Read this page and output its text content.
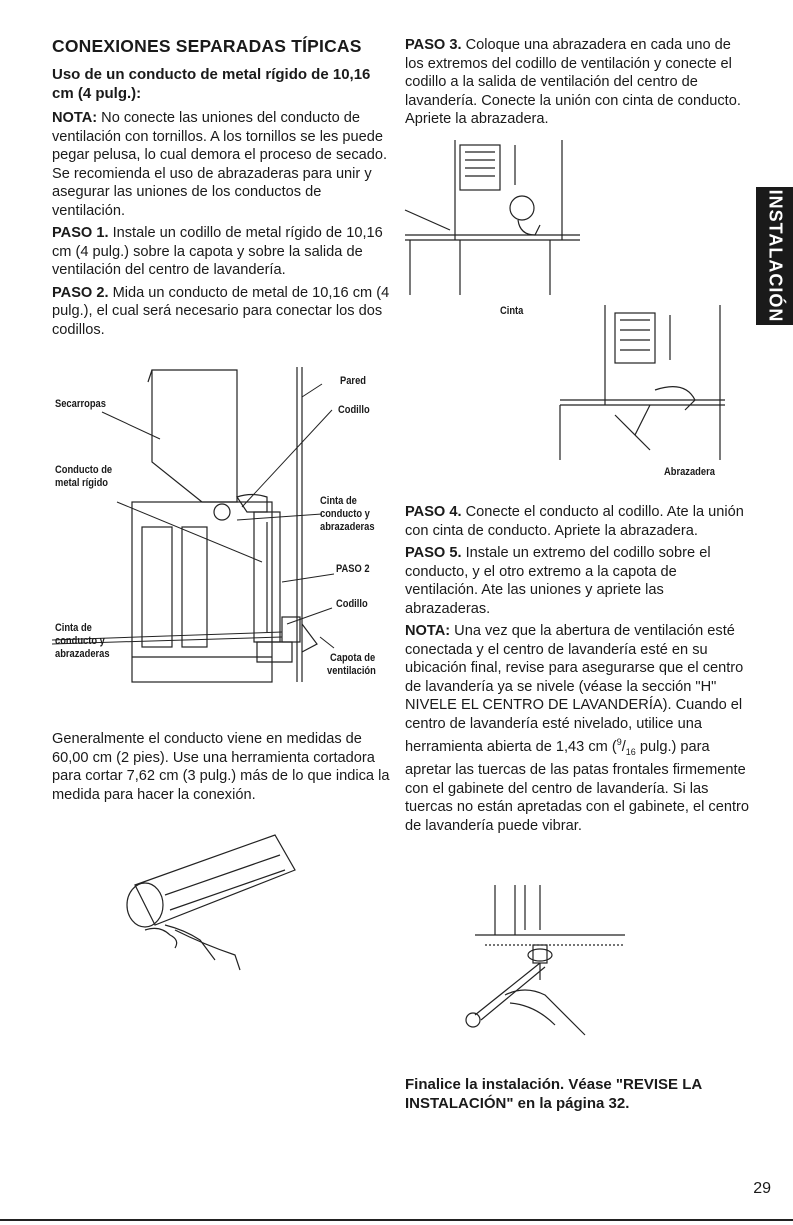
CONEXIONES SEPARADAS TÍPICAS
Uso de un conducto de metal rígido de 10,16 cm (4 pulg.):

NOTA: No conecte las uniones del conducto de ventilación con tornillos. A los tornillos se les puede pegar pelusa, lo cual demora el proceso de secado. Se recomienda el uso de abrazaderas para unir y asegurar las uniones de los conductos de ventilación.

PASO 1. Instale un codillo de metal rígido de 10,16 cm (4 pulg.) sobre la capota y sobre la salida de ventilación del centro de lavandería.

PASO 2. Mida un conducto de metal de 10,16 cm (4 pulg.), el cual será necesario para conectar los dos codillos.

Secarropas
Conducto de
metal rígido
Cinta de
conducto y
abrazaderas
Pared
Codillo
Cinta de
conducto y
abrazaderas
PASO 2
Codillo
Capota de
ventilación

Generalmente el conducto viene en medidas de 60,00 cm (2 pies). Use una herramienta cortadora para cortar 7,62 cm (3 pulg.) más de lo que indica la medida para hacer la conexión.

PASO 3. Coloque una abrazadera en cada uno de los extremos del codillo de ventilación y conecte el codillo a la salida de ventilación del centro de lavandería. Conecte la unión con cinta de conducto. Apriete la abrazadera.

Cinta
Abrazadera

PASO 4. Conecte el conducto al codillo. Ate la unión con cinta de conducto. Apriete la abrazadera.

PASO 5. Instale un extremo del codillo sobre el conducto, y el otro extremo a la capota de ventilación. Ate las uniones y apriete las abrazaderas.

NOTA: Una vez que la abertura de ventilación esté conectada y el centro de lavandería esté en su ubicación final, revise para asegurarse que el centro de lavandería ya se nivele (véase la sección "H" NIVELE EL CENTRO DE LAVANDERÍA). Cuando el centro de lavandería esté nivelado, utilice una herramienta abierta de 1,43 cm ($^9/_{16}$ pulg.) para apretar las tuercas de las patas frontales firmemente con el gabinete del centro de lavandería. Si las tuercas no están apretadas con el gabinete, el centro de lavandería puede vibrar.

Finalice la instalación. Véase "REVISE LA INSTALACIÓN" en la página 32.
INSTALACIÓN
29
